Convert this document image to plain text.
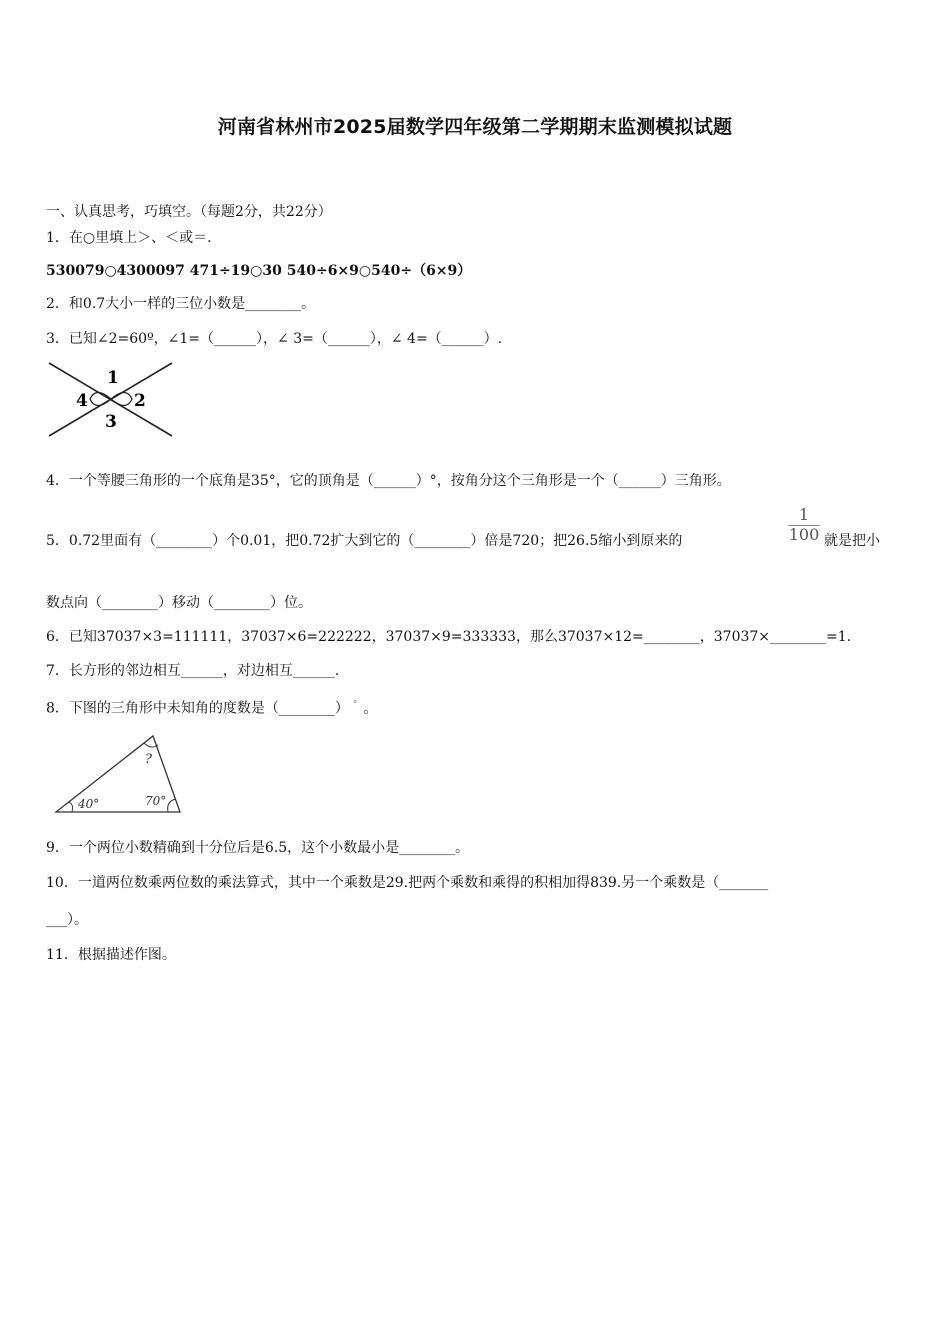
河南省林州市2025届数学四年级第二学期期末监测模拟试题
一、认真思考，巧填空。（每题2分，共22分）
1．在○里填上＞、＜或＝.
530079○4300097 471÷19○30 540÷6×9○540÷（6×9）
2．和0.7大小一样的三位小数是________。
3．已知∠2=60º，∠1=（______），∠ 3=（______），∠ 4=（______）.
1
2
3
4
4．一个等腰三角形的一个底角是35°，它的顶角是（______）°，按角分这个三角形是一个（______）三角形。
5．0.72里面有（________）个0.01，把0.72扩大到它的（________）倍是720；把26.5缩小到原来的
1
100 就是把小
数点向（________）移动（________）位。
6．已知37037×3=111111，37037×6=222222，37037×9=333333，那么37037×12=________，37037×________=1.
7．长方形的邻边相互______，对边相互______.
8．下图的三角形中未知角的度数是（________） ° 。
?
40°	70°
9．一个两位小数精确到十分位后是6.5，这个小数最小是________。
10．一道两位数乘两位数的乘法算式，其中一个乘数是29.把两个乘数和乘得的积相加得839.另一个乘数是（_______
___）。
11．根据描述作图。
